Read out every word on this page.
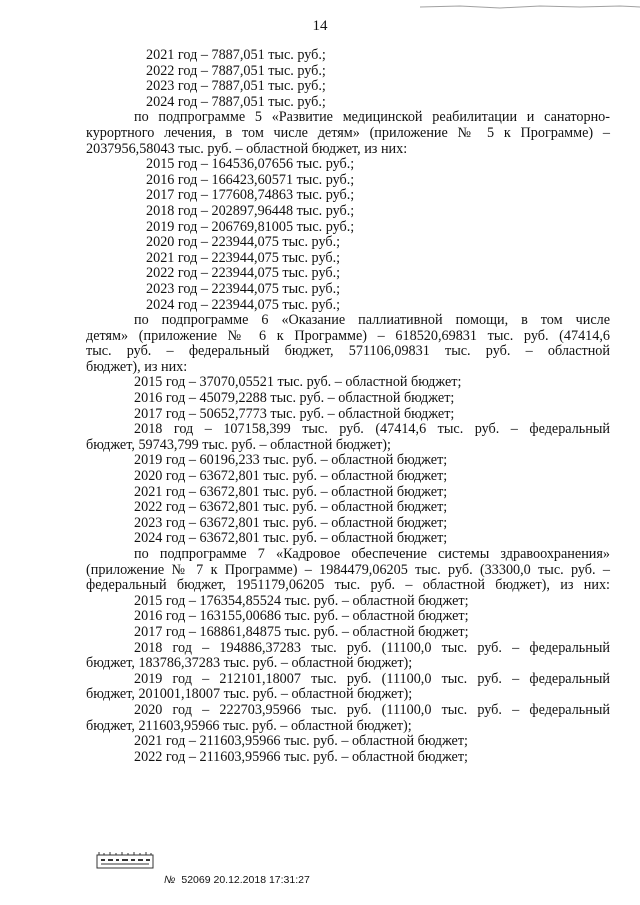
14
2021 год – 7887,051 тыс. руб.;
2022 год – 7887,051 тыс. руб.;
2023 год – 7887,051 тыс. руб.;
2024 год – 7887,051 тыс. руб.;
по подпрограмме 5 «Развитие медицинской реабилитации и санаторно-
курортного лечения, в том числе детям» (приложение № 5 к Программе) –
2037956,58043 тыс. руб. – областной бюджет, из них:
2015 год – 164536,07656 тыс. руб.;
2016 год – 166423,60571 тыс. руб.;
2017 год – 177608,74863 тыс. руб.;
2018 год – 202897,96448 тыс. руб.;
2019 год – 206769,81005 тыс. руб.;
2020 год – 223944,075 тыс. руб.;
2021 год – 223944,075 тыс. руб.;
2022 год – 223944,075 тыс. руб.;
2023 год – 223944,075 тыс. руб.;
2024 год – 223944,075 тыс. руб.;
по подпрограмме 6 «Оказание паллиативной помощи, в том числе
детям» (приложение № 6 к Программе) – 618520,69831 тыс. руб. (47414,6
тыс. руб. – федеральный бюджет, 571106,09831 тыс. руб. – областной
бюджет), из них:
2015 год – 37070,05521 тыс. руб. – областной бюджет;
2016 год – 45079,2288 тыс. руб. – областной бюджет;
2017 год – 50652,7773 тыс. руб. – областной бюджет;
2018 год – 107158,399 тыс. руб. (47414,6 тыс. руб. – федеральный
бюджет, 59743,799 тыс. руб. – областной бюджет);
2019 год – 60196,233 тыс. руб. – областной бюджет;
2020 год – 63672,801 тыс. руб. – областной бюджет;
2021 год – 63672,801 тыс. руб. – областной бюджет;
2022 год – 63672,801 тыс. руб. – областной бюджет;
2023 год – 63672,801 тыс. руб. – областной бюджет;
2024 год – 63672,801 тыс. руб. – областной бюджет;
по подпрограмме 7 «Кадровое обеспечение системы здравоохранения»
(приложение № 7 к Программе) – 1984479,06205 тыс. руб. (33300,0 тыс. руб. –
федеральный бюджет, 1951179,06205 тыс. руб. – областной бюджет), из них:
2015 год – 176354,85524 тыс. руб. – областной бюджет;
2016 год – 163155,00686 тыс. руб. – областной бюджет;
2017 год – 168861,84875 тыс. руб. – областной бюджет;
2018 год – 194886,37283 тыс. руб. (11100,0 тыс. руб. – федеральный
бюджет, 183786,37283 тыс. руб. – областной бюджет);
2019 год – 212101,18007 тыс. руб. (11100,0 тыс. руб. – федеральный
бюджет, 201001,18007 тыс. руб. – областной бюджет);
2020 год – 222703,95966 тыс. руб. (11100,0 тыс. руб. – федеральный
бюджет, 211603,95966 тыс. руб. – областной бюджет);
2021 год – 211603,95966 тыс. руб. – областной бюджет;
2022 год – 211603,95966 тыс. руб. – областной бюджет;
№ 52069 20.12.2018 17:31:27
